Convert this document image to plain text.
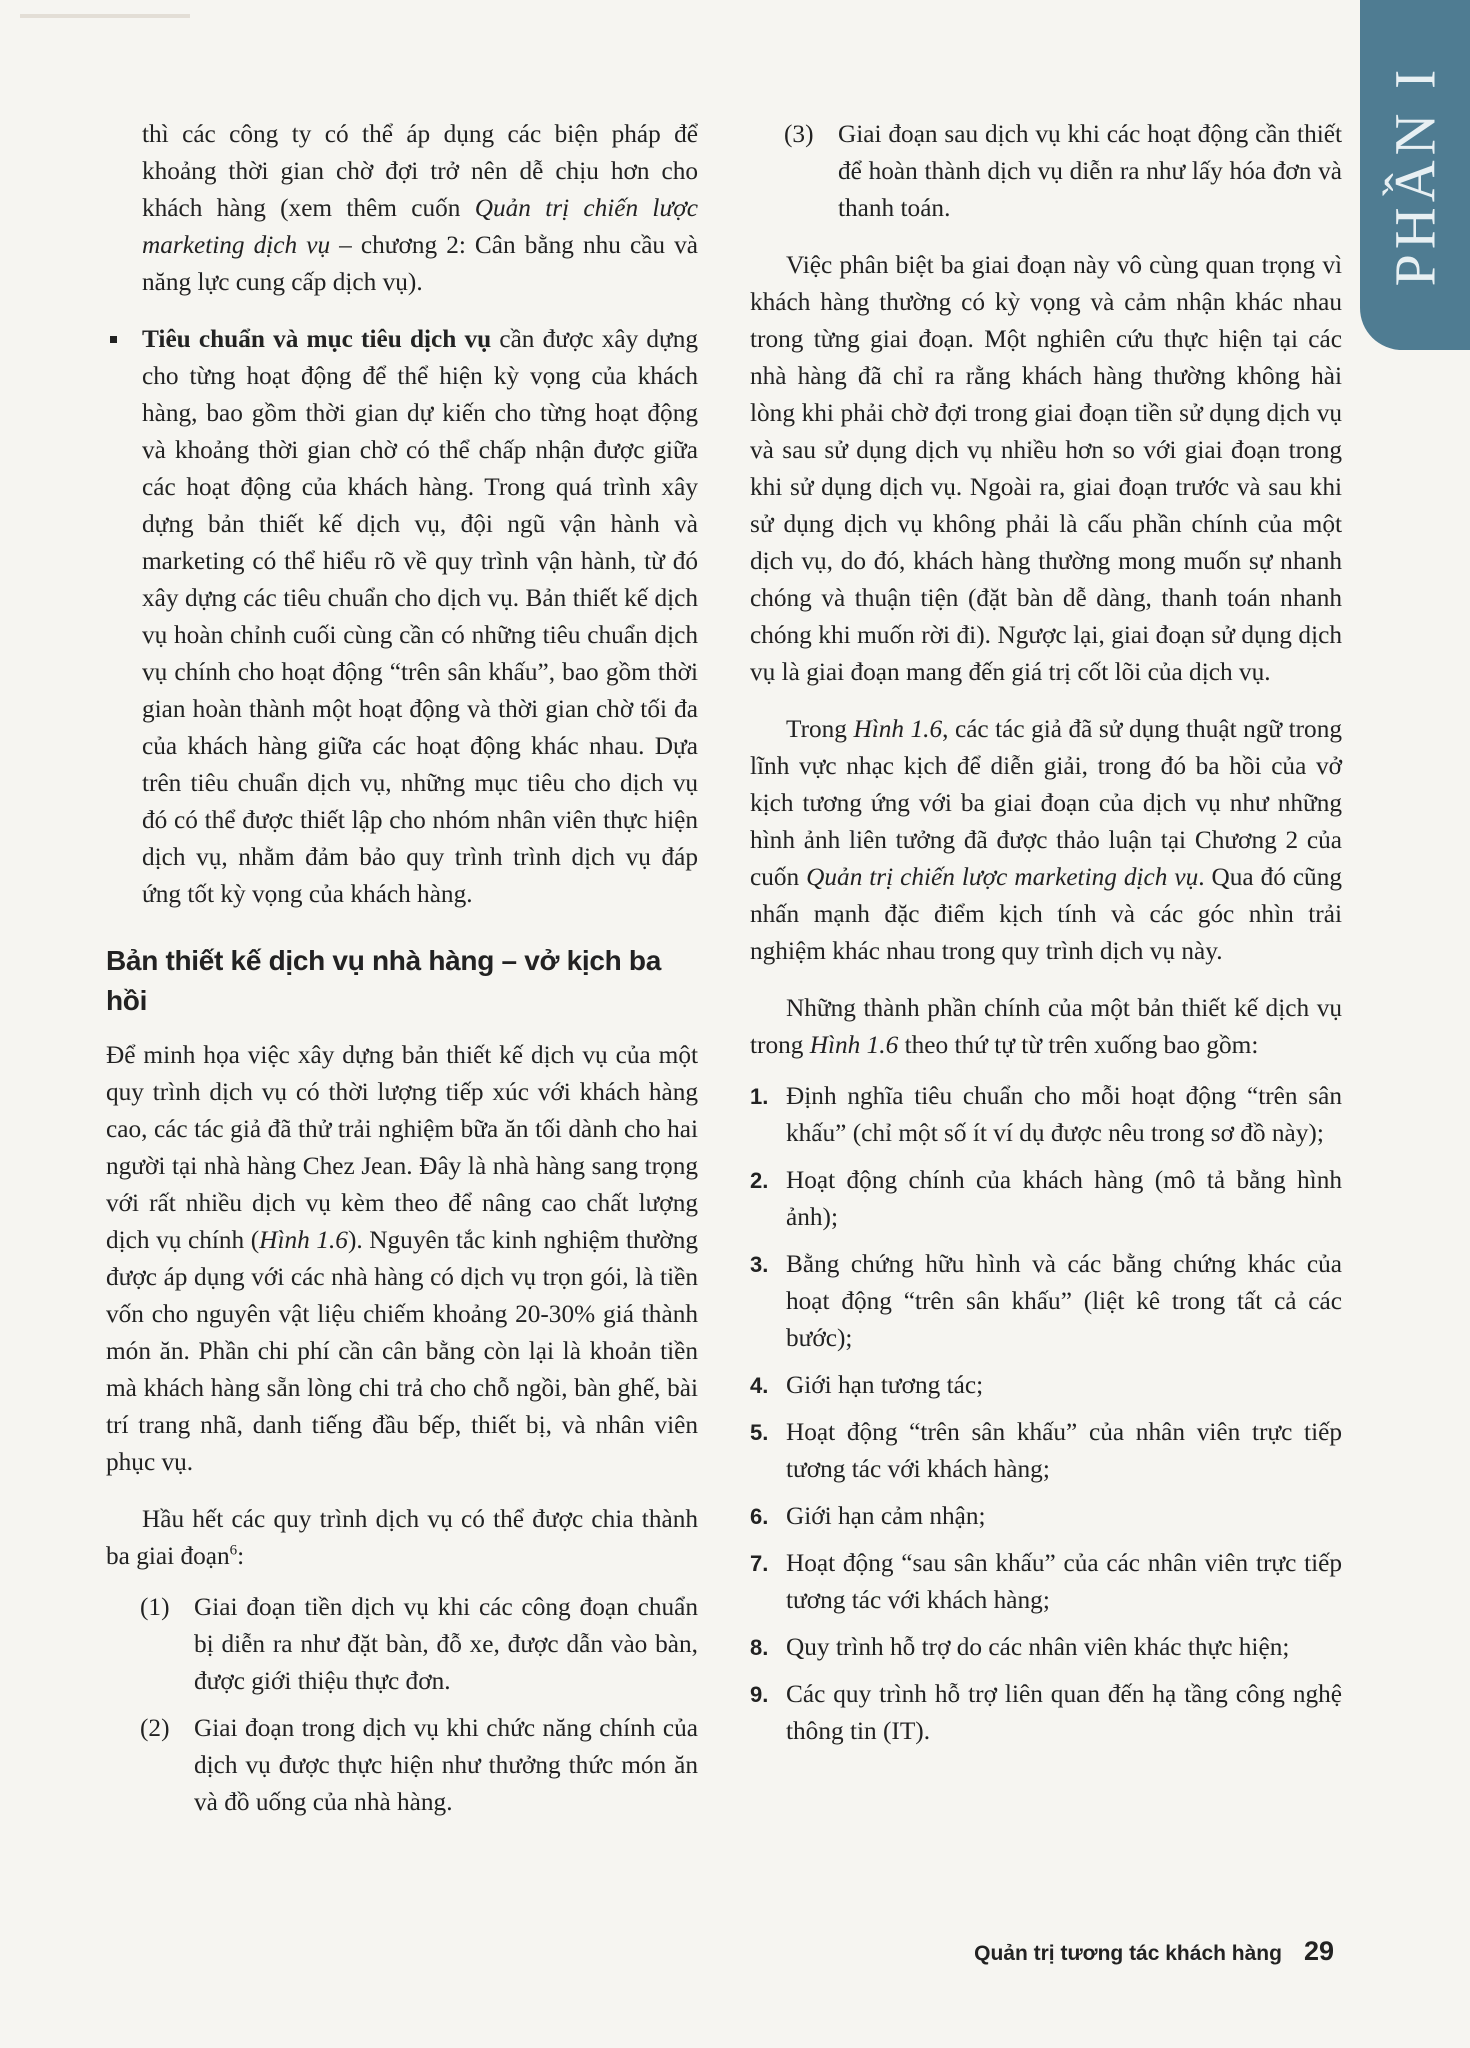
PHẦN I

thì các công ty có thể áp dụng các biện pháp để khoảng thời gian chờ đợi trở nên dễ chịu hơn cho khách hàng (xem thêm cuốn Quản trị chiến lược marketing dịch vụ – chương 2: Cân bằng nhu cầu và năng lực cung cấp dịch vụ).

Tiêu chuẩn và mục tiêu dịch vụ cần được xây dựng cho từng hoạt động để thể hiện kỳ vọng của khách hàng, bao gồm thời gian dự kiến cho từng hoạt động và khoảng thời gian chờ có thể chấp nhận được giữa các hoạt động của khách hàng. Trong quá trình xây dựng bản thiết kế dịch vụ, đội ngũ vận hành và marketing có thể hiểu rõ về quy trình vận hành, từ đó xây dựng các tiêu chuẩn cho dịch vụ. Bản thiết kế dịch vụ hoàn chỉnh cuối cùng cần có những tiêu chuẩn dịch vụ chính cho hoạt động “trên sân khấu”, bao gồm thời gian hoàn thành một hoạt động và thời gian chờ tối đa của khách hàng giữa các hoạt động khác nhau. Dựa trên tiêu chuẩn dịch vụ, những mục tiêu cho dịch vụ đó có thể được thiết lập cho nhóm nhân viên thực hiện dịch vụ, nhằm đảm bảo quy trình trình dịch vụ đáp ứng tốt kỳ vọng của khách hàng.
Bản thiết kế dịch vụ nhà hàng – vở kịch ba hồi

Để minh họa việc xây dựng bản thiết kế dịch vụ của một quy trình dịch vụ có thời lượng tiếp xúc với khách hàng cao, các tác giả đã thử trải nghiệm bữa ăn tối dành cho hai người tại nhà hàng Chez Jean. Đây là nhà hàng sang trọng với rất nhiều dịch vụ kèm theo để nâng cao chất lượng dịch vụ chính (Hình 1.6). Nguyên tắc kinh nghiệm thường được áp dụng với các nhà hàng có dịch vụ trọn gói, là tiền vốn cho nguyên vật liệu chiếm khoảng 20-30% giá thành món ăn. Phần chi phí cần cân bằng còn lại là khoản tiền mà khách hàng sẵn lòng chi trả cho chỗ ngồi, bàn ghế, bài trí trang nhã, danh tiếng đầu bếp, thiết bị, và nhân viên phục vụ.

Hầu hết các quy trình dịch vụ có thể được chia thành ba giai đoạn$^6$:

(1) Giai đoạn tiền dịch vụ khi các công đoạn chuẩn bị diễn ra như đặt bàn, đỗ xe, được dẫn vào bàn, được giới thiệu thực đơn.
(2) Giai đoạn trong dịch vụ khi chức năng chính của dịch vụ được thực hiện như thưởng thức món ăn và đồ uống của nhà hàng.
(3) Giai đoạn sau dịch vụ khi các hoạt động cần thiết để hoàn thành dịch vụ diễn ra như lấy hóa đơn và thanh toán.

Việc phân biệt ba giai đoạn này vô cùng quan trọng vì khách hàng thường có kỳ vọng và cảm nhận khác nhau trong từng giai đoạn. Một nghiên cứu thực hiện tại các nhà hàng đã chỉ ra rằng khách hàng thường không hài lòng khi phải chờ đợi trong giai đoạn tiền sử dụng dịch vụ và sau sử dụng dịch vụ nhiều hơn so với giai đoạn trong khi sử dụng dịch vụ. Ngoài ra, giai đoạn trước và sau khi sử dụng dịch vụ không phải là cấu phần chính của một dịch vụ, do đó, khách hàng thường mong muốn sự nhanh chóng và thuận tiện (đặt bàn dễ dàng, thanh toán nhanh chóng khi muốn rời đi). Ngược lại, giai đoạn sử dụng dịch vụ là giai đoạn mang đến giá trị cốt lõi của dịch vụ.

Trong Hình 1.6, các tác giả đã sử dụng thuật ngữ trong lĩnh vực nhạc kịch để diễn giải, trong đó ba hồi của vở kịch tương ứng với ba giai đoạn của dịch vụ như những hình ảnh liên tưởng đã được thảo luận tại Chương 2 của cuốn Quản trị chiến lược marketing dịch vụ. Qua đó cũng nhấn mạnh đặc điểm kịch tính và các góc nhìn trải nghiệm khác nhau trong quy trình dịch vụ này.

Những thành phần chính của một bản thiết kế dịch vụ trong Hình 1.6 theo thứ tự từ trên xuống bao gồm:

1. Định nghĩa tiêu chuẩn cho mỗi hoạt động “trên sân khấu” (chỉ một số ít ví dụ được nêu trong sơ đồ này);
2. Hoạt động chính của khách hàng (mô tả bằng hình ảnh);
3. Bằng chứng hữu hình và các bằng chứng khác của hoạt động “trên sân khấu” (liệt kê trong tất cả các bước);
4. Giới hạn tương tác;
5. Hoạt động “trên sân khấu” của nhân viên trực tiếp tương tác với khách hàng;
6. Giới hạn cảm nhận;
7. Hoạt động “sau sân khấu” của các nhân viên trực tiếp tương tác với khách hàng;
8. Quy trình hỗ trợ do các nhân viên khác thực hiện;
9. Các quy trình hỗ trợ liên quan đến hạ tầng công nghệ thông tin (IT).
Quản trị tương tác khách hàng 29
